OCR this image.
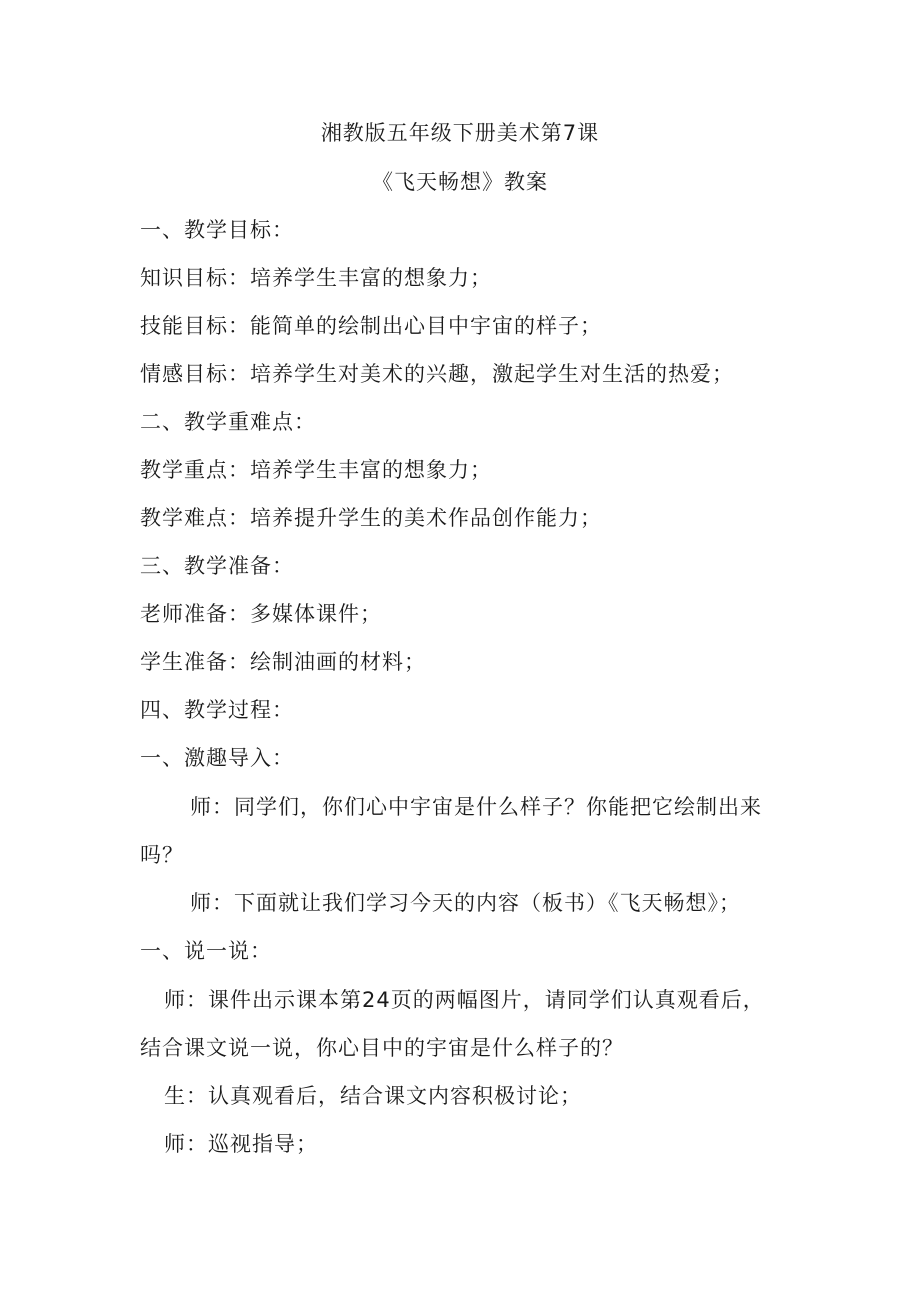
湘教版五年级下册美术第7课
《飞天畅想》教案
一、教学目标：
知识目标：培养学生丰富的想象力；
技能目标：能简单的绘制出心目中宇宙的样子；
情感目标：培养学生对美术的兴趣，激起学生对生活的热爱；
二、教学重难点：
教学重点：培养学生丰富的想象力；
教学难点：培养提升学生的美术作品创作能力；
三、教学准备：
老师准备：多媒体课件；
学生准备：绘制油画的材料；
四、教学过程：
一、激趣导入：
师：同学们，你们心中宇宙是什么样子？你能把它绘制出来
吗？
师：下面就让我们学习今天的内容（板书）《飞天畅想》；
一、说一说：
师：课件出示课本第24页的两幅图片，请同学们认真观看后，
结合课文说一说，你心目中的宇宙是什么样子的？
生：认真观看后，结合课文内容积极讨论；
师：巡视指导；
